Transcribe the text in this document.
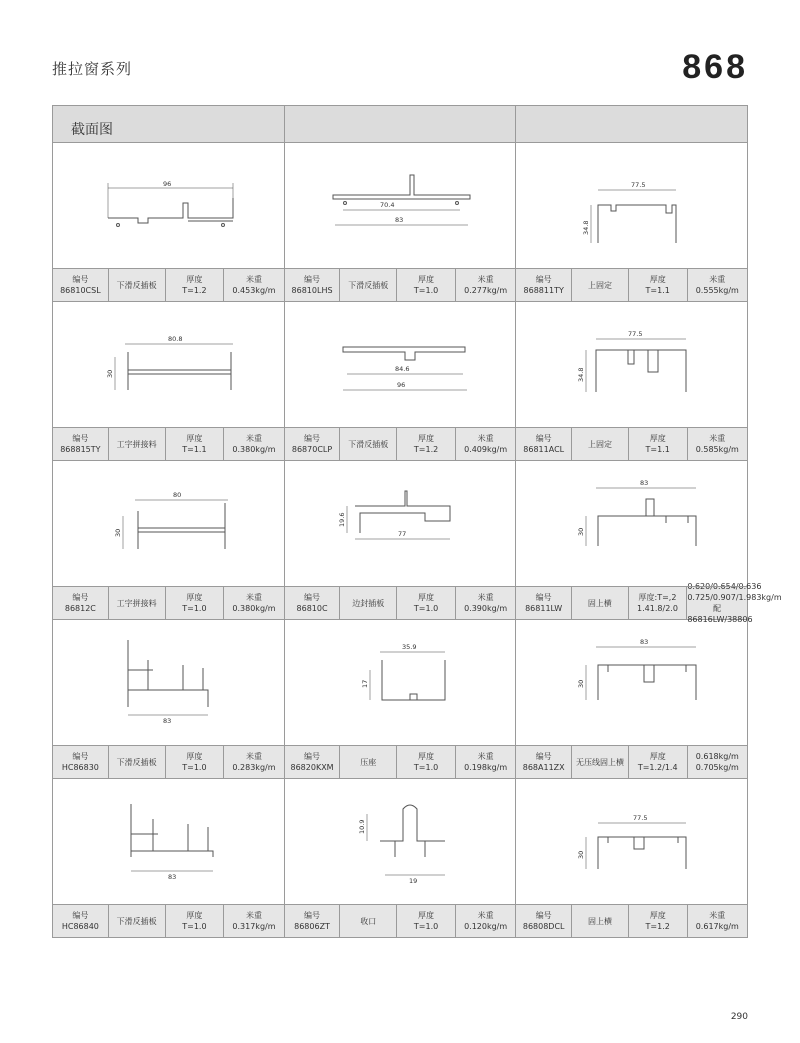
推拉窗系列	868
截面图
96
编号
86810CSL
下滑反插板
厚度
T=1.2
米重
0.453kg/m
70.4
83
编号
86810LHS
下滑反插板
厚度
T=1.0
米重
0.277kg/m
77.5
34.8
编号
868811TY
上固定
厚度
T=1.1
米重
0.555kg/m
80.8
30
编号
868815TY
工字拼接料
厚度
T=1.1
米重
0.380kg/m
84.6
96
编号
86870CLP
下滑反插板
厚度
T=1.2
米重
0.409kg/m
77.5
34.8
编号
86811ACL
上固定
厚度
T=1.1
米重
0.585kg/m
80
30
编号
86812C
工字拼接料
厚度
T=1.0
米重
0.380kg/m
19.6
77
编号
86810C
边封插板
厚度
T=1.0
米重
0.390kg/m
83
30
编号
86811LW
固上横
厚度:T=,2
1.41.8/2.0
0.620/0.654/0.636
0.725/0.907/1.983kg/m
配86816LW/38806
83
编号
HC86830
下滑反插板
厚度
T=1.0
米重
0.283kg/m
35.9
17
编号
86820KXM
压座
厚度
T=1.0
米重
0.198kg/m
83
30
编号
868A11ZX
无压线固上横
厚度
T=1.2/1.4
0.618kg/m
0.705kg/m
83
编号
HC86840
下滑反插板
厚度
T=1.0
米重
0.317kg/m
10.9
19
编号
86806ZT
收口
厚度
T=1.0
米重
0.120kg/m
77.5
30
编号
86808DCL
固上横
厚度
T=1.2
米重
0.617kg/m
290
